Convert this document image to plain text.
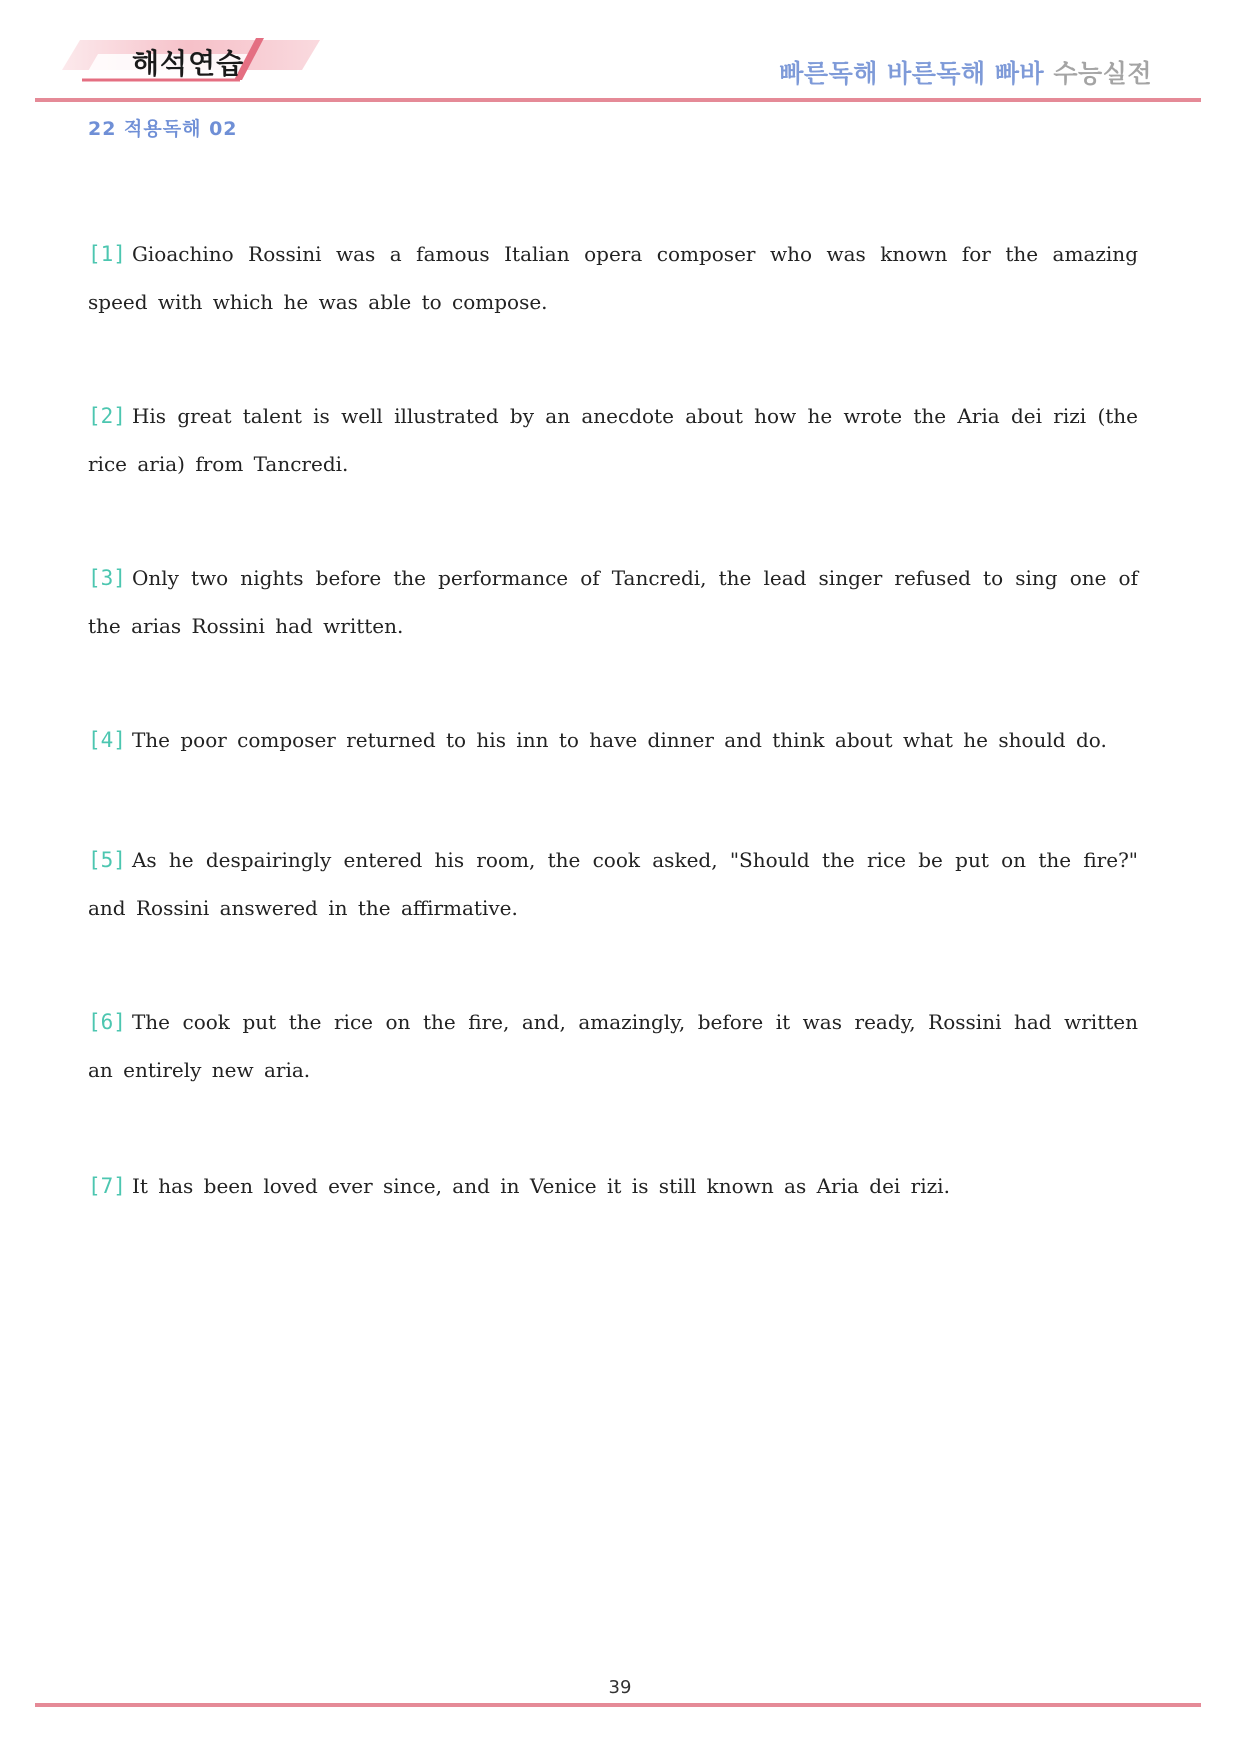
해석연습	빠른독해 바른독해 빠바 수능실전
22 적용독해 02

[1] Gioachino Rossini was a famous Italian opera composer who was known for the amazing speed with which he was able to compose.

[2] His great talent is well illustrated by an anecdote about how he wrote the Aria dei rizi (the rice aria) from Tancredi.

[3] Only two nights before the performance of Tancredi, the lead singer refused to sing one of the arias Rossini had written.

[4] The poor composer returned to his inn to have dinner and think about what he should do.

[5] As he despairingly entered his room, the cook asked, "Should the rice be put on the fire?" and Rossini answered in the affirmative.

[6] The cook put the rice on the fire, and, amazingly, before it was ready, Rossini had written an entirely new aria.

[7] It has been loved ever since, and in Venice it is still known as Aria dei rizi.

39
